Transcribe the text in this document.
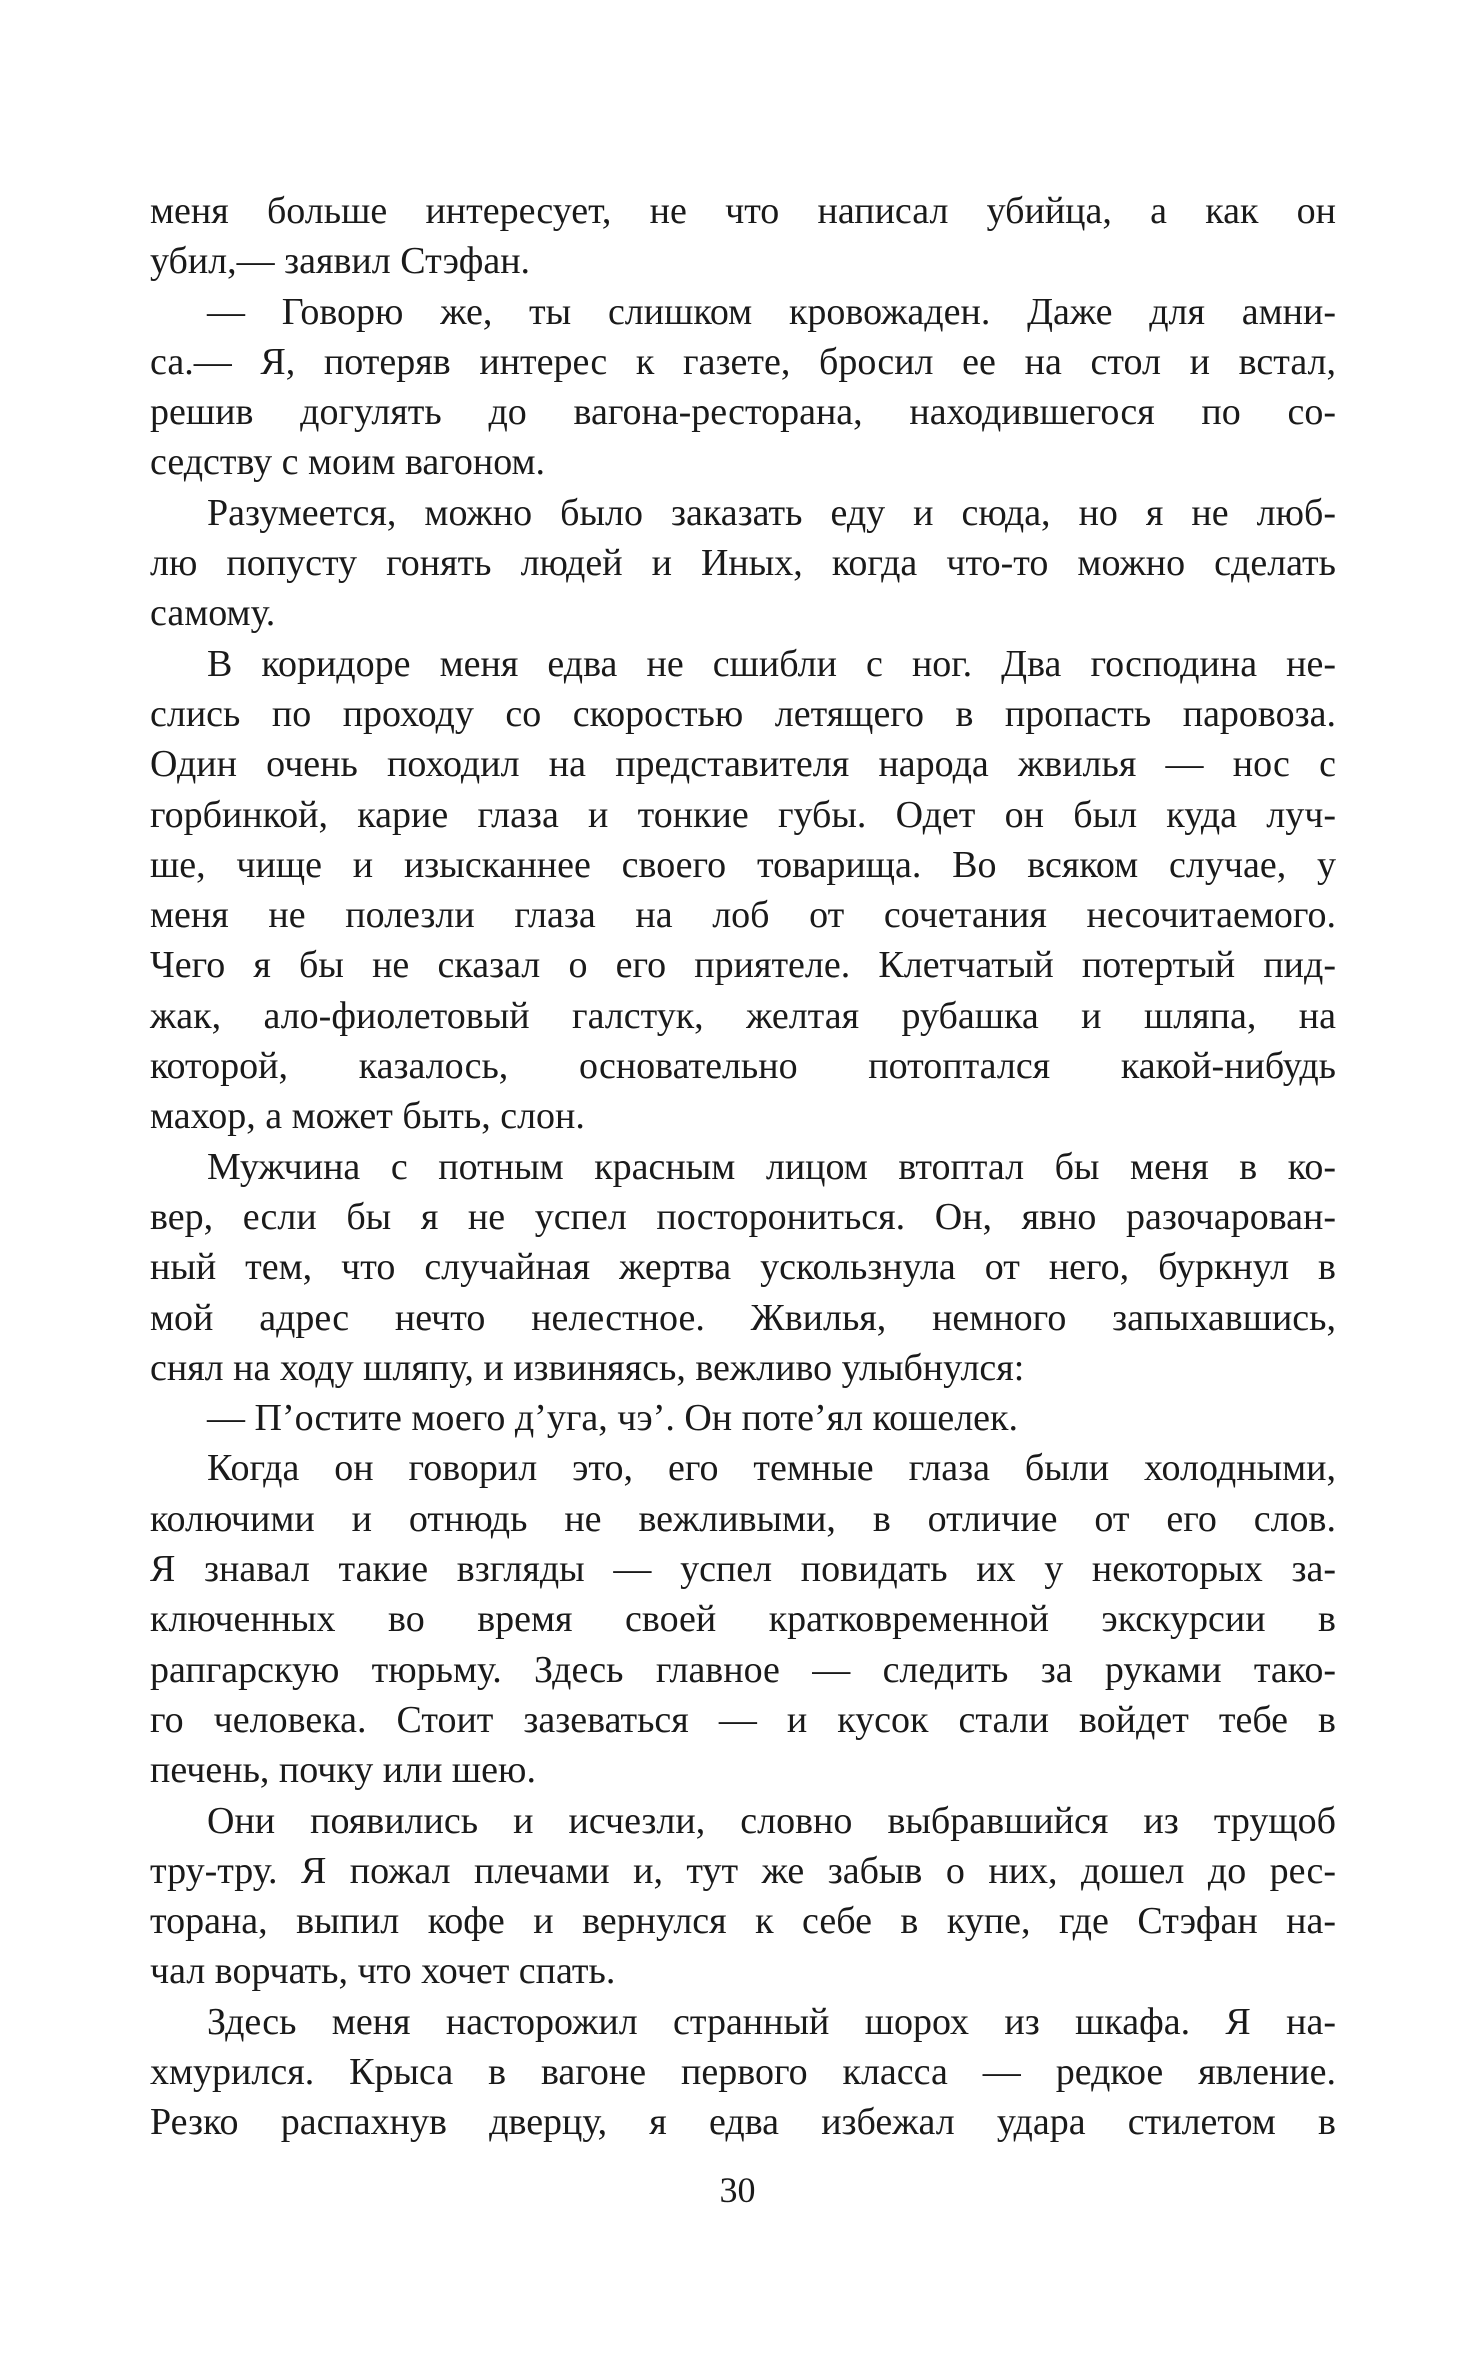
меня больше интересует, не что написал убийца, а как он
убил,— заявил Стэфан.
— Говорю же, ты слишком кровожаден. Даже для амни-
са.— Я, потеряв интерес к газете, бросил ее на стол и встал,
решив догулять до вагона-ресторана, находившегося по со-
седству с моим вагоном.
Разумеется, можно было заказать еду и сюда, но я не люб-
лю попусту гонять людей и Иных, когда что-то можно сделать
самому.
В коридоре меня едва не сшибли с ног. Два господина не-
слись по проходу со скоростью летящего в пропасть паровоза.
Один очень походил на представителя народа жвилья — нос с
горбинкой, карие глаза и тонкие губы. Одет он был куда луч-
ше, чище и изысканнее своего товарища. Во всяком случае, у
меня не полезли глаза на лоб от сочетания несочитаемого.
Чего я бы не сказал о его приятеле. Клетчатый потертый пид-
жак, ало-фиолетовый галстук, желтая рубашка и шляпа, на
которой, казалось, основательно потоптался какой-нибудь
махор, а может быть, слон.
Мужчина с потным красным лицом втоптал бы меня в ко-
вер, если бы я не успел посторониться. Он, явно разочарован-
ный тем, что случайная жертва ускользнула от него, буркнул в
мой адрес нечто нелестное. Жвилья, немного запыхавшись,
снял на ходу шляпу, и извиняясь, вежливо улыбнулся:
— П’остите моего д’уга, чэ’. Он поте’ял кошелек.
Когда он говорил это, его темные глаза были холодными,
колючими и отнюдь не вежливыми, в отличие от его слов.
Я знавал такие взгляды — успел повидать их у некоторых за-
ключенных во время своей кратковременной экскурсии в
рапгарскую тюрьму. Здесь главное — следить за руками тако-
го человека. Стоит зазеваться — и кусок стали войдет тебе в
печень, почку или шею.
Они появились и исчезли, словно выбравшийся из трущоб
тру-тру. Я пожал плечами и, тут же забыв о них, дошел до рес-
торана, выпил кофе и вернулся к себе в купе, где Стэфан на-
чал ворчать, что хочет спать.
Здесь меня насторожил странный шорох из шкафа. Я на-
хмурился. Крыса в вагоне первого класса — редкое явление.
Резко распахнув дверцу, я едва избежал удара стилетом в
30
